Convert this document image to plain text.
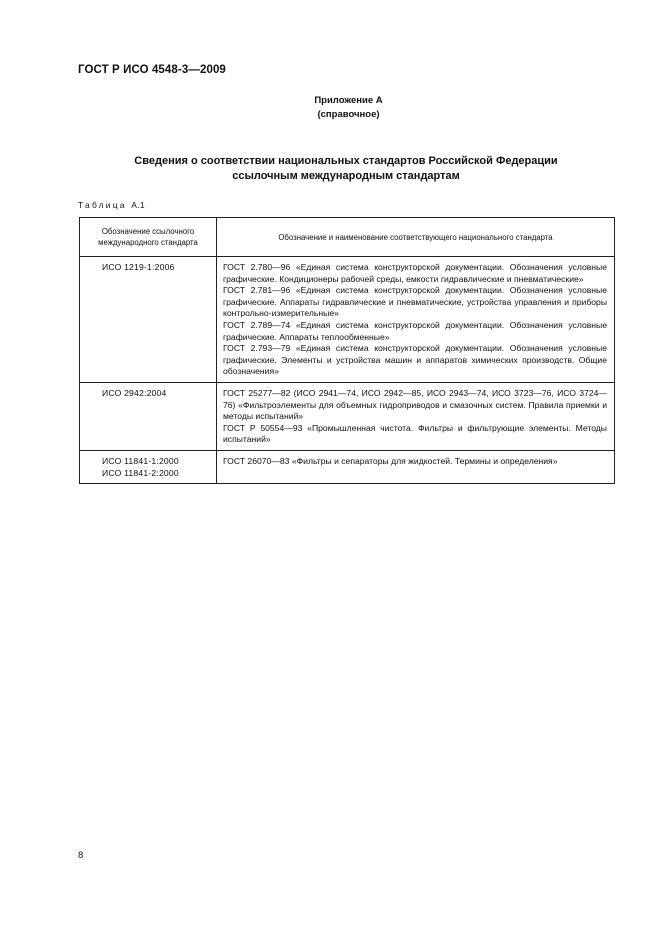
ГОСТ Р ИСО 4548-3—2009
Приложение А
(справочное)
Сведения о соответствии национальных стандартов Российской Федерации
ссылочным международным стандартам
Таблица А.1
Обозначение ссылочного международного стандарта	Обозначение и наименование соответствующего национального стандарта

ИСО 1219-1:2006	ГОСТ 2.780—96 «Единая система конструкторской документации. Обозначения условные графические. Кондиционеры рабочей среды, емкости гидравлические и пневматические»
ГОСТ 2.781—96 «Единая система конструкторской документации. Обозначения условные графические. Аппараты гидравлические и пневматические, устройства управления и приборы контрольно-измерительные»
ГОСТ 2.789—74 «Единая система конструкторской документации. Обозначения условные графические. Аппараты теплообменные»
ГОСТ 2.793—79 «Единая система конструкторской документации. Обозначения условные графические. Элементы и устройства машин и аппаратов химических производств. Общие обозначения»

ИСО 2942:2004	ГОСТ 25277—82 (ИСО 2941—74, ИСО 2942—85, ИСО 2943—74, ИСО 3723—76, ИСО 3724—76) «Фильтроэлементы для объемных гидроприводов и смазочных систем. Правила приемки и методы испытаний»
ГОСТ Р 50554—93 «Промышленная чистота. Фильтры и фильтрующие элементы. Методы испытаний»

ИСО 11841-1:2000
ИСО 11841-2:2000	ГОСТ 26070—83 «Фильтры и сепараторы для жидкостей. Термины и определения»
8
